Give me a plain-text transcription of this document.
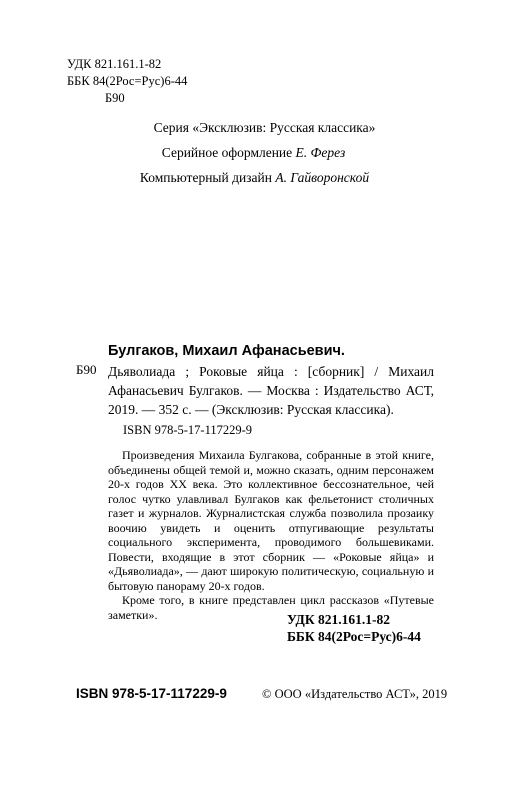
УДК 821.161.1-82
ББК 84(2Рос=Рус)6-44
Б90
Серия «Эксклюзив: Русская классика»
Серийное оформление Е. Ферез
Компьютерный дизайн А. Гайворонской
Булгаков, Михаил Афанасьевич.
Б90 Дьяволиада ; Роковые яйца : [сборник] / Михаил Афанасьевич Булгаков. — Москва : Издательство АСТ, 2019. — 352 с. — (Эксклюзив: Русская классика).
ISBN 978-5-17-117229-9

Произведения Михаила Булгакова, собранные в этой книге, объединены общей темой и, можно сказать, одним персонажем 20-х годов XX века. Это коллективное бессознательное, чей голос чутко улавливал Булгаков как фельетонист столичных газет и журналов. Журналистская служба позволила прозаику воочию увидеть и оценить отпугивающие результаты социального эксперимента, проводимого большевиками. Повести, входящие в этот сборник — «Роковые яйца» и «Дьяволиада», — дают широкую политическую, социальную и бытовую панораму 20-х годов.

Кроме того, в книге представлен цикл рассказов «Путевые заметки».	УДК 821.161.1-82
ББК 84(2Рос=Рус)6-44
ISBN 978-5-17-117229-9	© ООО «Издательство АСТ», 2019
